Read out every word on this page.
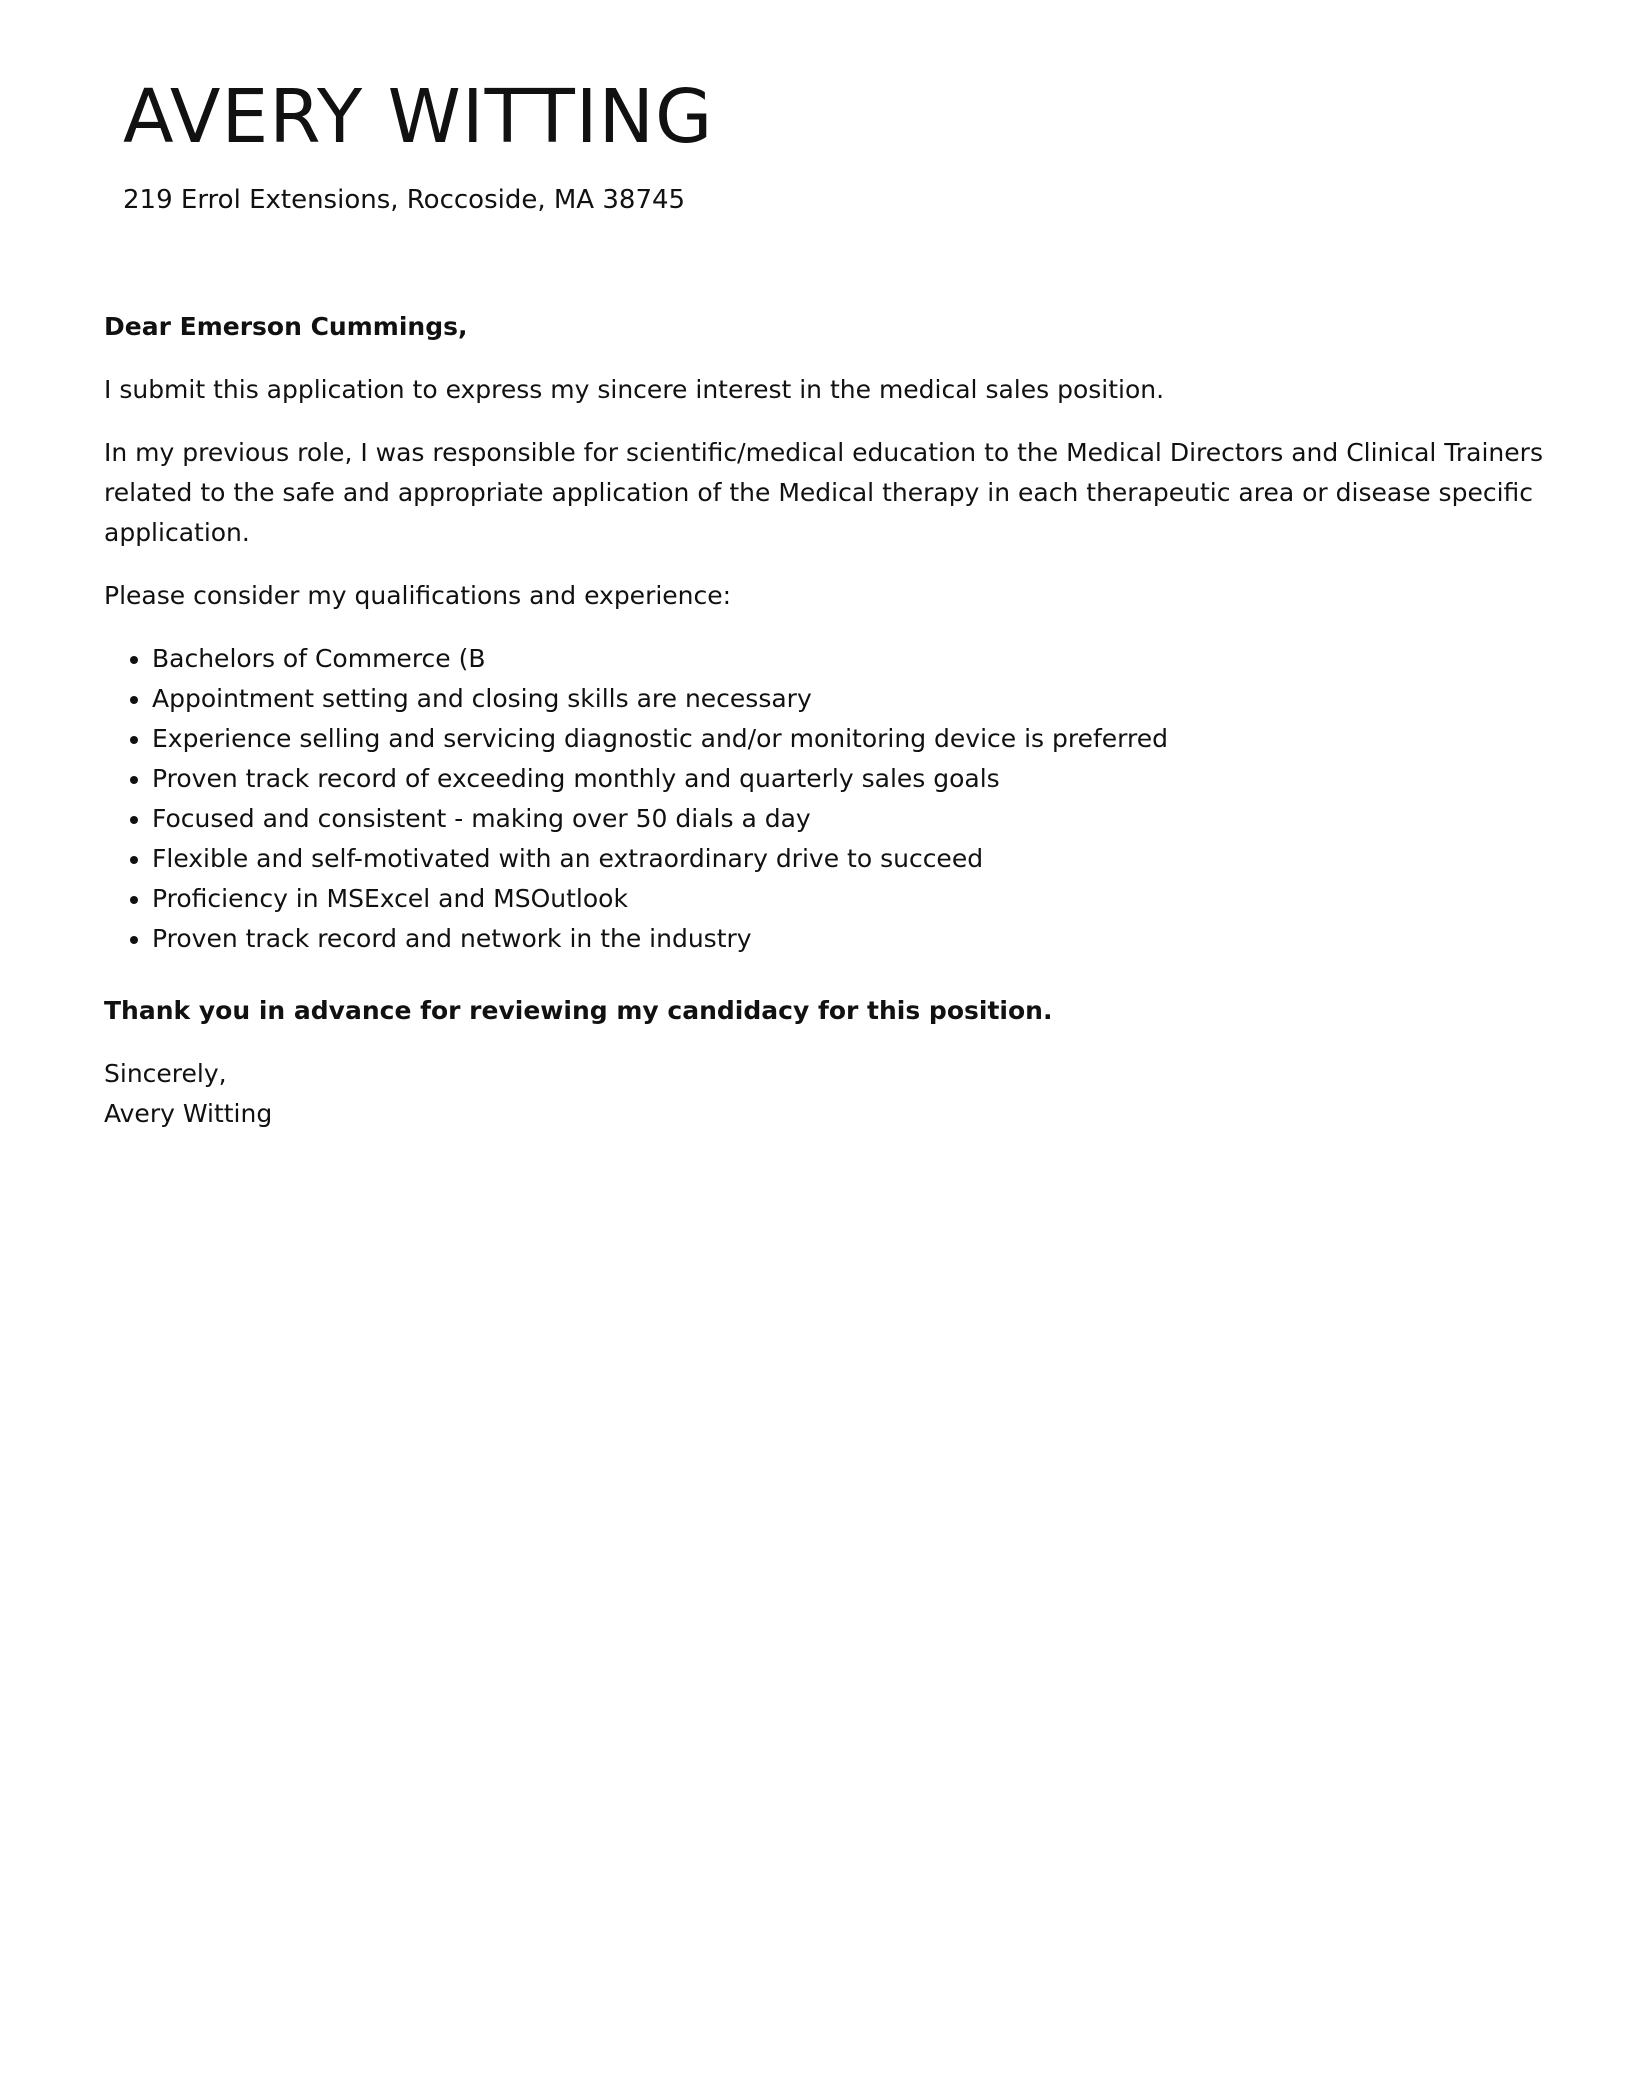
AVERY WITTING
219 Errol Extensions, Roccoside, MA 38745

Dear Emerson Cummings,

I submit this application to express my sincere interest in the medical sales position.

In my previous role, I was responsible for scientific/medical education to the Medical Directors and Clinical Trainers related to the safe and appropriate application of the Medical therapy in each therapeutic area or disease specific application.

Please consider my qualifications and experience:

• Bachelors of Commerce (B
• Appointment setting and closing skills are necessary
• Experience selling and servicing diagnostic and/or monitoring device is preferred
• Proven track record of exceeding monthly and quarterly sales goals
• Focused and consistent - making over 50 dials a day
• Flexible and self-motivated with an extraordinary drive to succeed
• Proficiency in MSExcel and MSOutlook
• Proven track record and network in the industry

Thank you in advance for reviewing my candidacy for this position.

Sincerely,

Avery Witting
